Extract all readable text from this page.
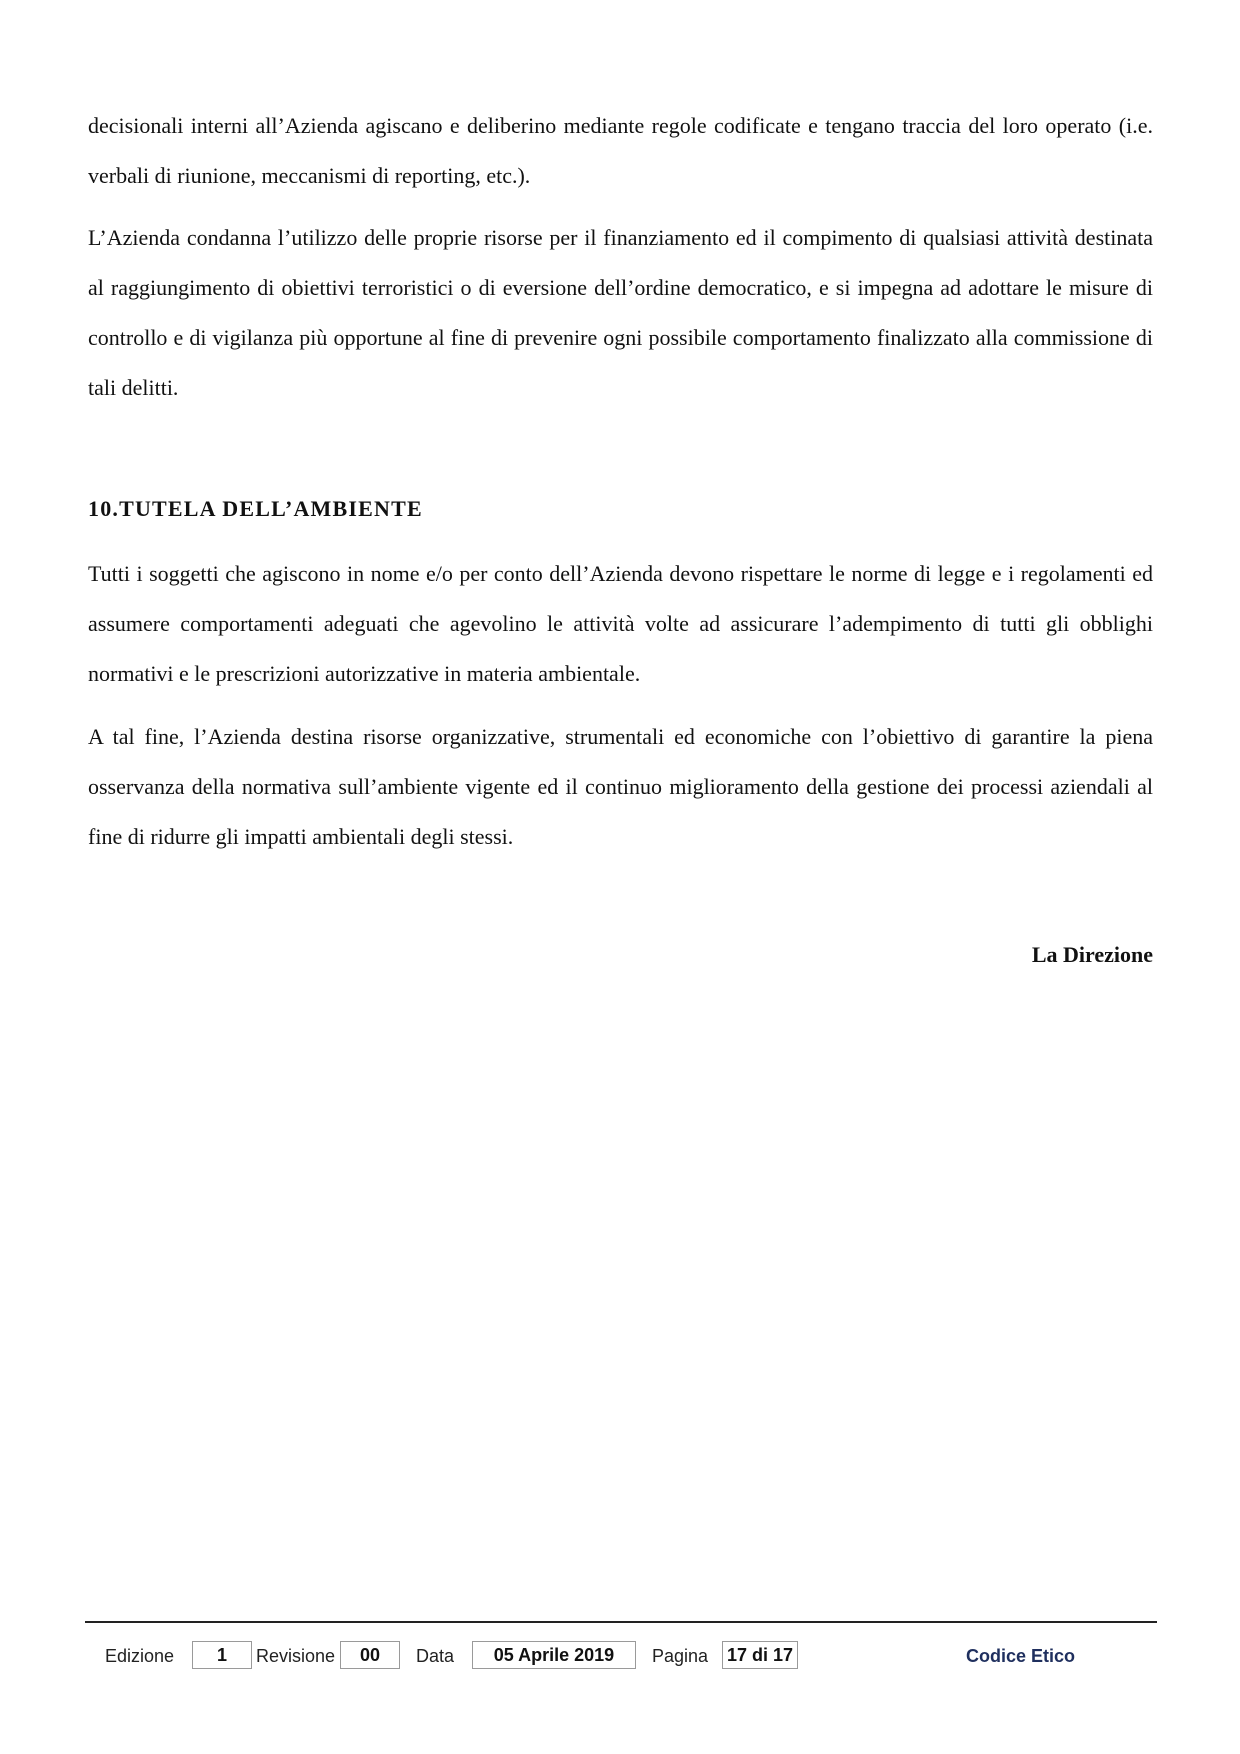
decisionali interni all’Azienda agiscano e deliberino mediante regole codificate e tengano traccia del loro operato (i.e. verbali di riunione, meccanismi di reporting, etc.).

L’Azienda condanna l’utilizzo delle proprie risorse per il finanziamento ed il compimento di qualsiasi attività destinata al raggiungimento di obiettivi terroristici o di eversione dell’ordine democratico, e si impegna ad adottare le misure di controllo e di vigilanza più opportune al fine di prevenire ogni possibile comportamento finalizzato alla commissione di tali delitti.

10.TUTELA DELL’AMBIENTE

Tutti i soggetti che agiscono in nome e/o per conto dell’Azienda devono rispettare le norme di legge e i regolamenti ed assumere comportamenti adeguati che agevolino le attività volte ad assicurare l’adempimento di tutti gli obblighi normativi e le prescrizioni autorizzative in materia ambientale.

A tal fine, l’Azienda destina risorse organizzative, strumentali ed economiche con l’obiettivo di garantire la piena osservanza della normativa sull’ambiente vigente ed il continuo miglioramento della gestione dei processi aziendali al fine di ridurre gli impatti ambientali degli stessi.

La Direzione

Edizione	1	Revisione	00	Data	05 Aprile 2019	Pagina 17 di 17	Codice Etico
